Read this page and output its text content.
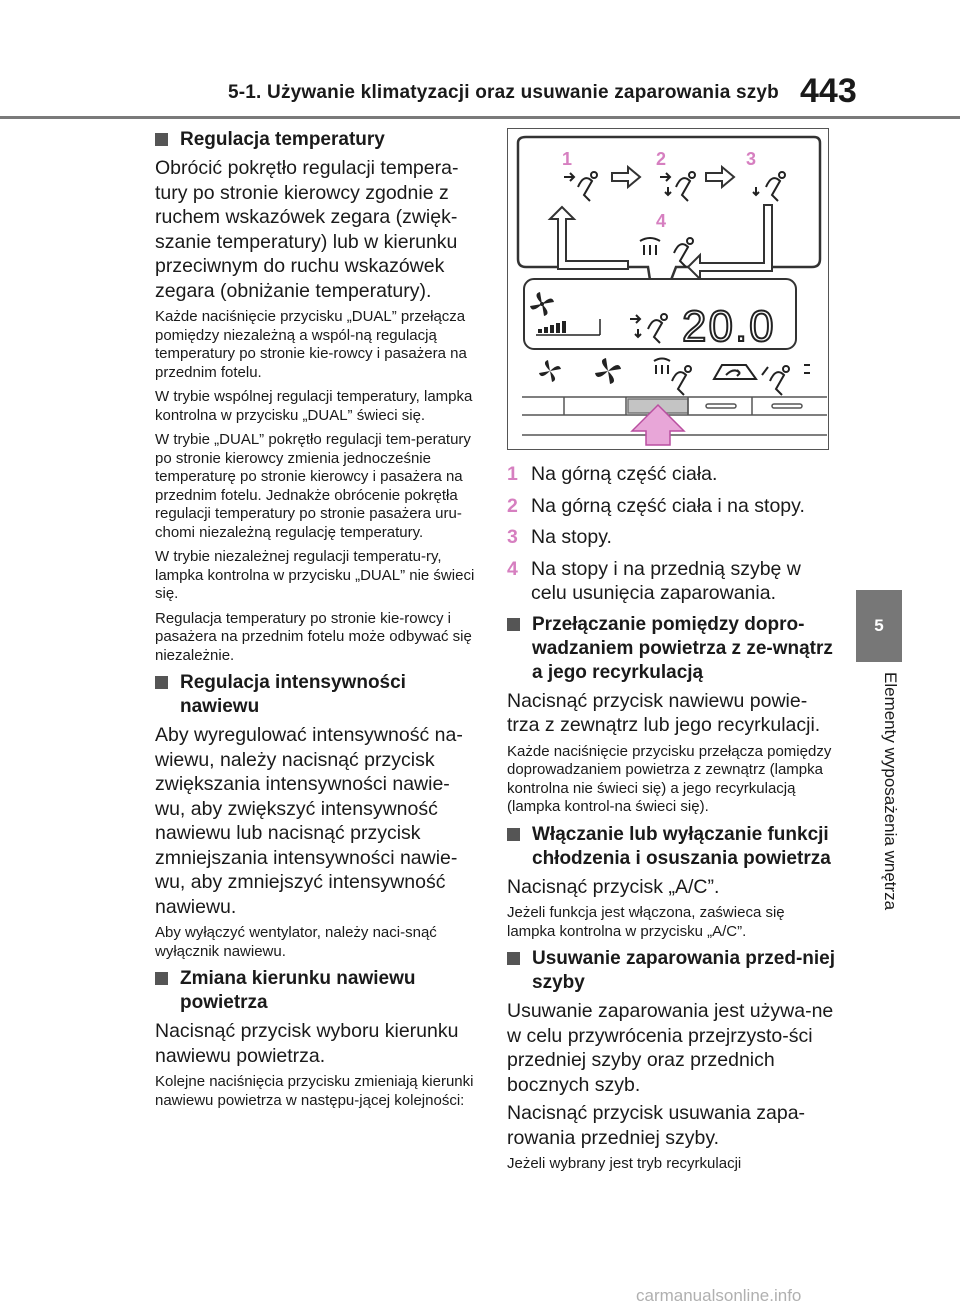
5-1. Używanie klimatyzacji oraz usuwanie zaparowania szyb 443
5
Elementy wyposażenia wnętrza
Regulacja temperatury

Obrócić pokrętło regulacji tempera-tury po stronie kierowcy zgodnie z ruchem wskazówek zegara (zwięk-szanie temperatury) lub w kierunku przeciwnym do ruchu wskazówek zegara (obniżanie temperatury).

Każde naciśnięcie przycisku „DUAL” przełącza pomiędzy niezależną a wspól-ną regulacją temperatury po stronie kie-rowcy i pasażera na przednim fotelu.

W trybie wspólnej regulacji temperatury, lampka kontrolna w przycisku „DUAL” świeci się.

W trybie „DUAL” pokrętło regulacji tem-peratury po stronie kierowcy zmienia jednocześnie temperaturę po stronie kierowcy i pasażera na przednim fotelu. Jednakże obrócenie pokrętła regulacji temperatury po stronie pasażera uru-chomi niezależną regulację temperatury.

W trybie niezależnej regulacji temperatu-ry, lampka kontrolna w przycisku „DUAL” nie świeci się.

Regulacja temperatury po stronie kie-rowcy i pasażera na przednim fotelu może odbywać się niezależnie.

Regulacja intensywności nawiewu

Aby wyregulować intensywność na-wiewu, należy nacisnąć przycisk zwiększania intensywności nawie-wu, aby zwiększyć intensywność nawiewu lub nacisnąć przycisk zmniejszania intensywności nawie-wu, aby zmniejszyć intensywność nawiewu.

Aby wyłączyć wentylator, należy naci-snąć wyłącznik nawiewu.

Zmiana kierunku nawiewu powietrza

Nacisnąć przycisk wyboru kierunku nawiewu powietrza.

Kolejne naciśnięcia przycisku zmieniają kierunki nawiewu powietrza w następu-jącej kolejności:

1	2	3
4
20.0
1 Na górną część ciała.
2 Na górną część ciała i na stopy.
3 Na stopy.
4 Na stopy i na przednią szybę w celu usunięcia zaparowania.
Przełączanie pomiędzy dopro-wadzaniem powietrza z ze-wnątrz a jego recyrkulacją

Nacisnąć przycisk nawiewu powie-trza z zewnątrz lub jego recyrkulacji.

Każde naciśnięcie przycisku przełącza pomiędzy doprowadzaniem powietrza z zewnątrz (lampka kontrolna nie świeci się) a jego recyrkulacją (lampka kontrol-na świeci się).

Włączanie lub wyłączanie funkcji chłodzenia i osuszania powietrza

Nacisnąć przycisk „A/C”.

Jeżeli funkcja jest włączona, zaświeca się lampka kontrolna w przycisku „A/C”.

Usuwanie zaparowania przed-niej szyby

Usuwanie zaparowania jest używa-ne w celu przywrócenia przejrzysto-ści przedniej szyby oraz przednich bocznych szyb.

Nacisnąć przycisk usuwania zapa-rowania przedniej szyby.

Jeżeli wybrany jest tryb recyrkulacji

carmanualsonline.info
